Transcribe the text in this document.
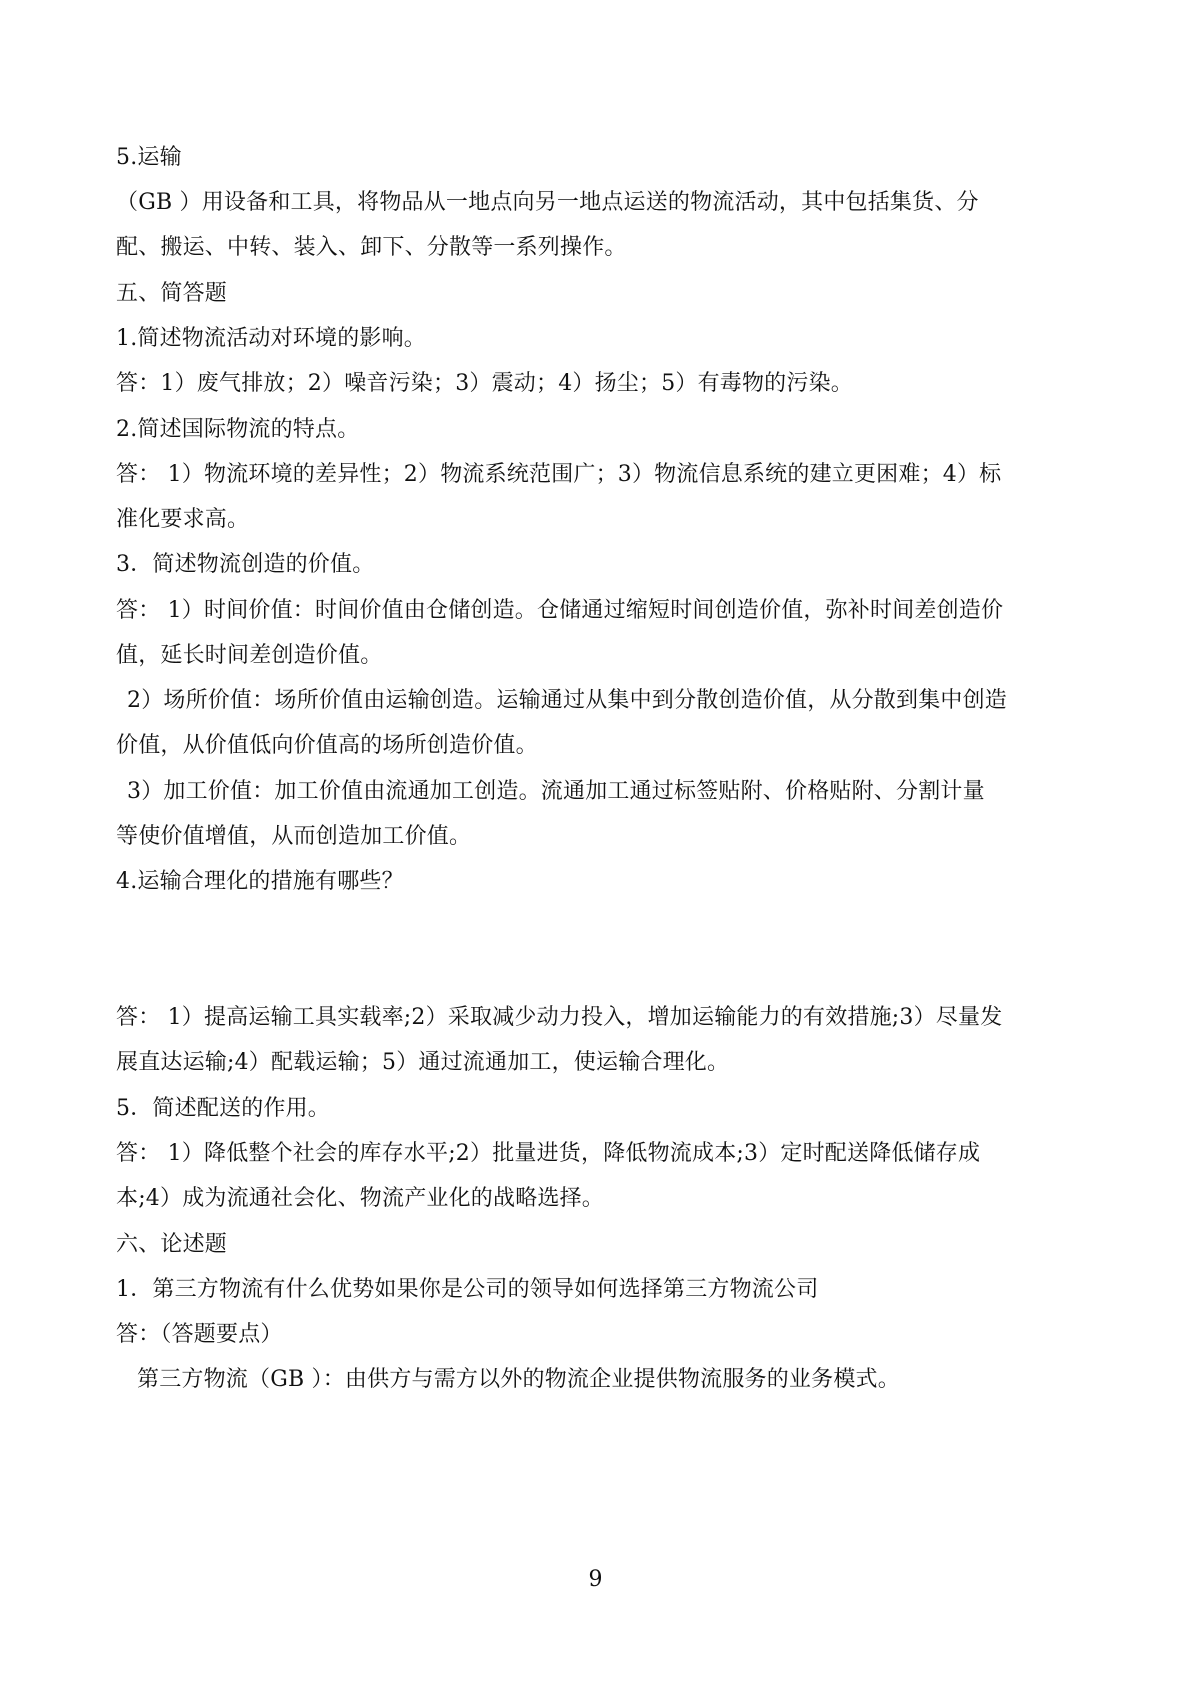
5.运输
（GB ）用设备和工具，将物品从一地点向另一地点运送的物流活动，其中包括集货、分
配、搬运、中转、装入、卸下、分散等一系列操作。
五、简答题
1.简述物流活动对环境的影响。
答：1）废气排放；2）噪音污染；3）震动；4）扬尘；5）有毒物的污染。
2.简述国际物流的特点。
答： 1）物流环境的差异性；2）物流系统范围广；3）物流信息系统的建立更困难；4）标
准化要求高。
3．简述物流创造的价值。
答： 1）时间价值：时间价值由仓储创造。仓储通过缩短时间创造价值，弥补时间差创造价
值，延长时间差创造价值。
2）场所价值：场所价值由运输创造。运输通过从集中到分散创造价值，从分散到集中创造
价值，从价值低向价值高的场所创造价值。
3）加工价值：加工价值由流通加工创造。流通加工通过标签贴附、价格贴附、分割计量
等使价值增值，从而创造加工价值。
4.运输合理化的措施有哪些？
答： 1）提高运输工具实载率;2）采取减少动力投入，增加运输能力的有效措施;3）尽量发
展直达运输;4）配载运输；5）通过流通加工，使运输合理化。
5．简述配送的作用。
答： 1）降低整个社会的库存水平;2）批量进货，降低物流成本;3）定时配送降低储存成
本;4）成为流通社会化、物流产业化的战略选择。
六、论述题
1．第三方物流有什么优势如果你是公司的领导如何选择第三方物流公司
答：（答题要点）
第三方物流（GB ）：由供方与需方以外的物流企业提供物流服务的业务模式。
9
